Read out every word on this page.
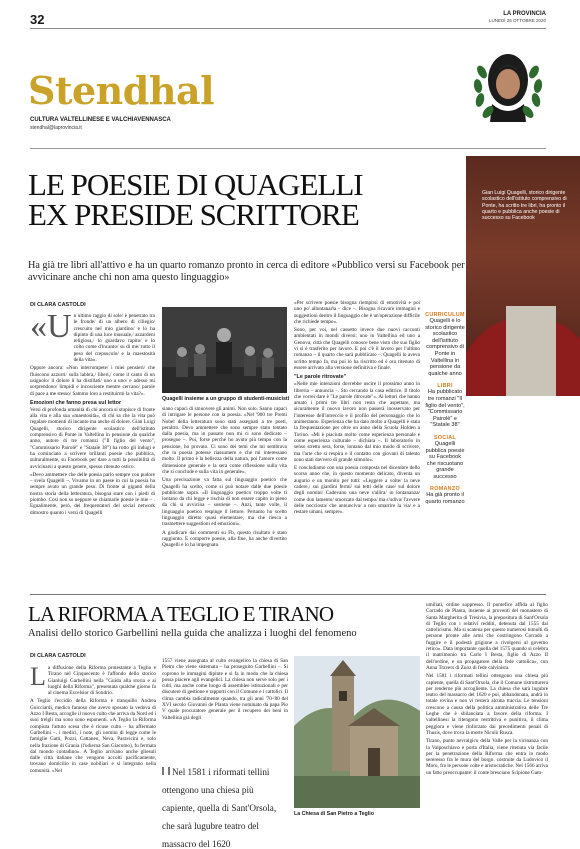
32	LA PROVINCIA
LUNEDÌ 26 OTTOBRE 2020
Stendhal
CULTURA VALTELLINESE E VALCHIAVENNASCA
stendhal@laprovincia.it
LE POESIE DI QUAGELLI
EX PRESIDE SCRITTORE
Gian Luigi Quagelli, storico dirigente scolastico dell'istituto comprensivo di Ponte, ha scritto tre libri, ha pronto il quarto e pubblica anche poesie di successo su Facebook
Ha già tre libri all'attivo e ha un quarto romanzo pronto in cerca di editore «Pubblico versi su Facebook per avvicinare anche chi non ama questo linguaggio»
DI CLARA CASTOLDI
«U n ultimo raggio di sole/ è penetrato tra le fronde/ di un albero di ciliegio/ crescuito nel mio giardino/ e lo ha dipinto di una luce inusuale,/ azzardeni religiosa,/ lo guardavo rapito/ e lo colto come d'incanto/ su di me/ tutto il peso del crepuscolo/ e la maestosità della vita».

Oppure ancora: «Non interrompete/ i miei pensieri/ che fluiscono azzurri/ sulla labbra,/ liberi,/ come il canto di un usignolo/ il dolore li ha distillati/ uno a uno/ e adesso mi sorprendono/ limpidi e incosciente mentre cercano/ parole di pace a me stesso/ Sammo loro a restituirmi la vita?».

Emozioni che fanno presa sul lettor

Versi di profonda umanità di chi ancora si stupisce di fronte alla vita e alla sua «maestosità», di chi sa che la vita può regalare momenti di incanto ma anche di dolore. Gian Luigi Quagelli, storico dirigente scolastico dell'istituto comprensivo di Ponte in Valtellina in pensione da qualche anno, autore di tre romanzi ("Il figlio del vento", "Commissario Pairolè" e "Statale 38") ha rotto gli indugi e ha cominciato a scrivere brillanti poesie che pubblica, sulturalmente, su Facebook per dare a tutti la possibilità di avvicinarsi a questo genere, spesso ritenuto ostico.

«Devo ammettere che delle poesia parlo sempre con pudore – svela Quagelli –. Vivamo in un paese in cui la poesia ha sempre avuto un grande peso. Di fronte ai giganti della nostra storia della letteratura, bisogna stare con i piedi di piombo. Così non so neppure se chiamarle poesie le mie – . Egualimente, però, dei frequentatori del social network dimostro quanto i versi di Quagelli

Quagelli insieme a un gruppo di studenti-musicisti

siano capaci di smuovere gli animi. Non solo. Sanno capaci di intrigare le persone con la poesia. «Nel '900 tre Premi Nobel della letteratura sono stati assegnati a tre poeti, peraltro. Devo ammettere che sono sempre stato tentato dalla poesia, ma in passato non mi ci sono dedicato – prosegue –. Poi, forse perché ho avuto più tempo con la pensione, ho provato. Ci sono dei temi che mi sembrava che la poesia potesse riassumere e che mi interessano molto. Il primo è la bellezza della natura, poi l'amore come dimensione generale e la sera come riflessione sulla vita che si conclude e sulla vita in generale».

Una precisazione va fatta sul linguaggio poetico che Quagelli ha scelto, come si può notare dalle due poesie pubblicate sopra. «Il linguaggio poetico troppo volte ti lontano da chi legge e rischia di non essere capito in pieno da chi si avvicina – sostiene –. Anzi, tante volte, il linguaggio poetico respinge il lettore. Pertanto ho scelto linguaggio diretto quasi elementare, ma che riesca a trasmettere suggestioni ed emozioni».

A giudicare dai commenti su Fb, questo risultato è stato raggiunto. E comporre poesie, alla fine, ha anche divertito Quagelli e lo ha impegnato.

«Per scrivere poesie bisogna riempirsi di emotività e poi uno po' allontanarla – dice –. Bisogna ricavare immagini e suggestioni dentro il linguaggio che è un'operazione difficile che richiede tempo».

Sono, per voi, nel cassetto invece due nuovi racconti ambientati in mondi diversi: uno in Valtellina ed uno a Genova, città che Quagelli conosce bene visto che suo figlio vi si è trasferito per lavoro. E poi c'è il lavoro per l'ultimo romanzo – il quarto che sarà pubblicato –. Quagelli lo aveva scritto tempo fa, ma poi lo ha riscritto ed è ora ritenuto di essere arrivato alla versione definitiva e finale.

"Le parole ritrovate"

«Nelle mie intenzioni dovrebbe uscire il prossimo anno in libreria – annuncia –. Sto cercando la casa editrice. Il titolo che vorrei dare è "Le parole ritrovate"». Ai lettori che hanno amato i primi tre libri non resta che aspettare, ma sicuramente il nuovo lavoro non passerà inosservato per l'interesse dell'intreccio e il profilo del personaggio che lo animeranno. Esperienza che ha dato molto a Quagelli è stata la frequentazione per oltre un anno della Scuola Holden a Torino. «Mi è piaciuta molto come esperienza personale e come esperienza culturale – dichiara –. Il laboratorio in senso stretto sera, forse, lontano dal mio modo di scrivere, ma l'arte che si respira e il contatto con giovani di talento sono stati davvero di grande stimolo».

E concludiamo con una poesia composta nel dicembre dello scorso anno che, in questo momento delicato, diventa un augurio e un monito per tutti: «Leggere a volte/ la neve cadere,/ sui giardini fermi/ sui tetti delle case/ sul dolore degli uomini/ Cadevano una neve s'allira/ in lontananza/ come dun lamento/ smorzato dal tempo/ ma s'udiva/ l'avvere delle nocciosta/ che annunciva/ a non smarrire la via/ e a restare umani, sempre».

CURRICULUM
Quagelli è lo storico dirigente scolastico dell'istituto comprensivo di Ponte in Valtellina in pensione da qualche anno
LIBRI
Ha pubblicato tre romanzi "Il figlio del vento", "Commissario Pairolè" e "Statale 38"
SOCIAL
Quagelli pubblica poesie su Facebook che riscuotano grande successo
ROMANZO
Ha già pronto il quarto romanzo
LA RIFORMA A TEGLIO E TIRANO
Analisi dello storico Garbellini nella guida che analizza i luoghi del fenomeno
DI CLARA CASTOLDI
L a diffusione della Riforma protestante a Teglio e Tirano nel Cinquecento è l'affondo dello storico Gianluigi Garbellini nella "Guida alla storia e ai luoghi della Riforma", presentata qualche giorno fa al cinema Excelsior di Sondrio.

A Teglio l'eccidio della Riforma è tranquillo Andrea Guicciardi, medico famoso che avevo sposato la vedova di Azzo I Besta, accoglie il nuovo culto che arriva da Nord ed i suoi trelgli ma sono sono esponenti. «A Teglio la Riforma compiuta l'attuto scesa che è ricuse culto – ha affermato Garbellini –. i medici, i note, gli uomini di legge come le famiglie Gatti, Pozzi, Cattaneo, Neva, Paravicini e, solo nella frazione di Grania (l'odierna San Giacomo), fu fermata dal mondo contadino». A Teglio arrivano anche gliesuli dalle città italiane che vengono accolti pacificamente, trovano domicilio in case nobiliari e si integrano nella comunità. «Nel

1557 viene assegnata al culto evangelico la chiesa di San Pietro che viene sistemata – ha proseguito Garbellini –. Si coprono le immagini dipinte e si fa in modo che la chiesa possa piacere agli evangelici. La chiesa non serve solo per i culti, ma anche come luogo di assemblee istituzionali e per discutere di gestione e rapporti con il Comune e i cattolici. Il clima cambia radicalmente quando, tra gli anni '70-'80 del XVI secolo Giovanni de Planta viene nominato da papa Pio V quale procuratore generale per il recupero dei beni in Valtellina già degli

Nel 1581 i riformati tellini ottengono una chiesa più capiente, quella di Sant'Orsola, che sarà lugubre teatro del massacro del 1620
La Chiesa di San Pietro a Teglio

umiliati, ordine soppresso. Il pontefice affida al figlio Corrado de Planta, insieme ai proventi del monastero di Santa Margherita di Tresivia, la prepositura di Sant'Orsola di Teglio con i relativi redditi, detenuta dal 1555 dal cattolicismo. Ma si scatena per questo numerosi tumulti di persone pronte alle armi che costringono Corrado a fuggire e il podestà grigione a rivolgersi al governo retico». Data importante quella del 1575 quando si celebra il matrimonio tra Carlo I Besta, figlio di Azzo II dell'ordine, e un propagatore della fede cattolica», con Anna Travers di Zuoz di fede calvinista.

Nel 1581 i riformati tellini ottengono una chiesa più capiente, quella di Sant'Orsola, che il Comune ristrutturera per renderne più accogliente. La chiesa che sarà lugubre teatro del massacro del 1620 e poi, abbandonata, andrà in totale rovina e non vi resterà alcuna traccia. Le tensioni crescono a causa della politica amministrativa delle Tre Leghe che è sbilanciata a favore della riforma. I valtellinesi la ritengono restrittiva e punitiva, il clima peggiora e viene rinforzato dai precedimenti penali di Thusis, dove trova la morte Nicolò Rusca.

Tirano, punto nevralgico della Valle per la vicinanza con la Valposchiavo e porta d'Italia, viene ritenuta via facile per la penetrazione della Riforma che entra in modo sereresso fra le mura del borgo. costruite da Ludovico il Moro, fra le persone colte e aristocratiche. Nel 1566 arriva un fatto preoccupante: il conte bresciano Scipione Gam-
